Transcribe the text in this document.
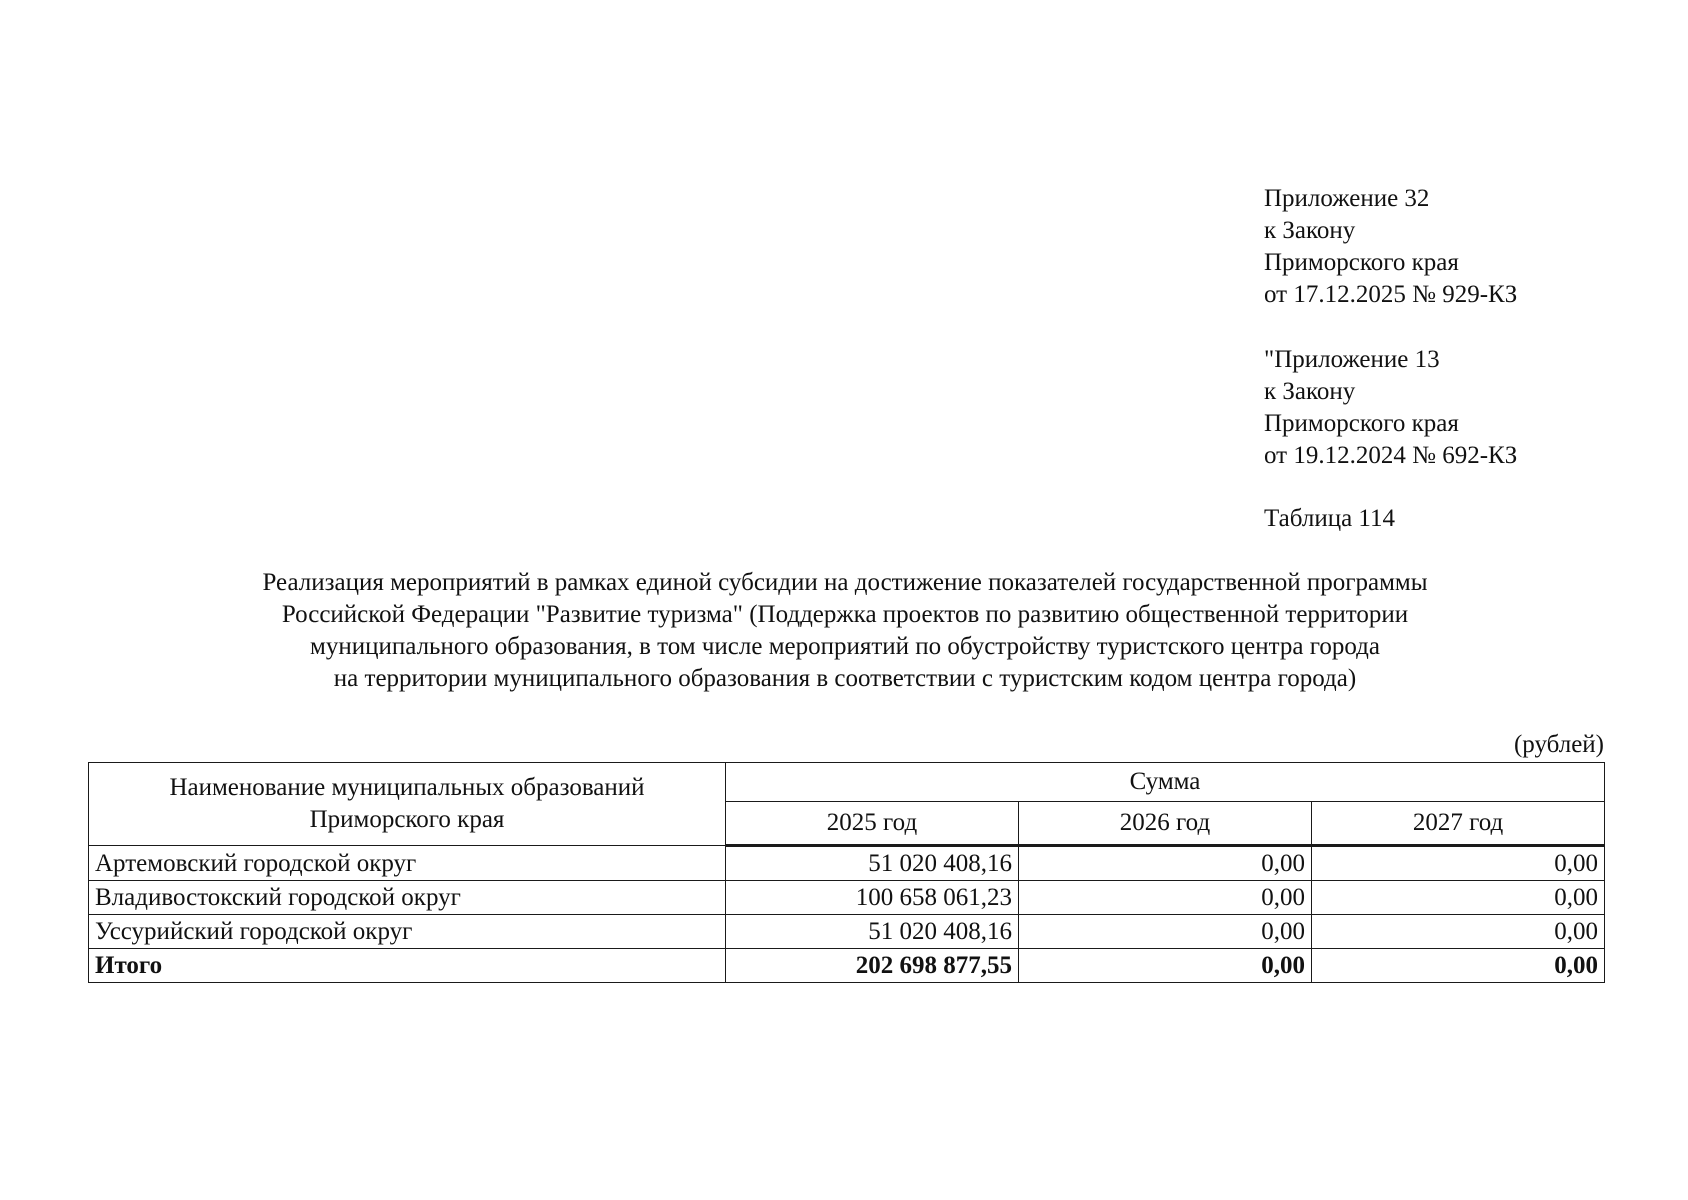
Приложение 32
к Закону
Приморского края
от 17.12.2025 № 929-КЗ
"Приложение 13
к Закону
Приморского края
от 19.12.2024 № 692-КЗ
Таблица 114
Реализация мероприятий в рамках единой субсидии на достижение показателей государственной программы
Российской Федерации "Развитие туризма" (Поддержка проектов по развитию общественной территории
муниципального образования, в том числе мероприятий по обустройству туристского центра города
на территории муниципального образования в соответствии с туристским кодом центра города)
(рублей)
Наименование муниципальных образований
Приморского края	Сумма		
	2025 год	2026 год	2027 год
Артемовский городской округ	51 020 408,16	0,00	0,00
Владивостокский городской округ	100 658 061,23	0,00	0,00
Уссурийский городской округ	51 020 408,16	0,00	0,00
Итого	202 698 877,55	0,00	0,00
